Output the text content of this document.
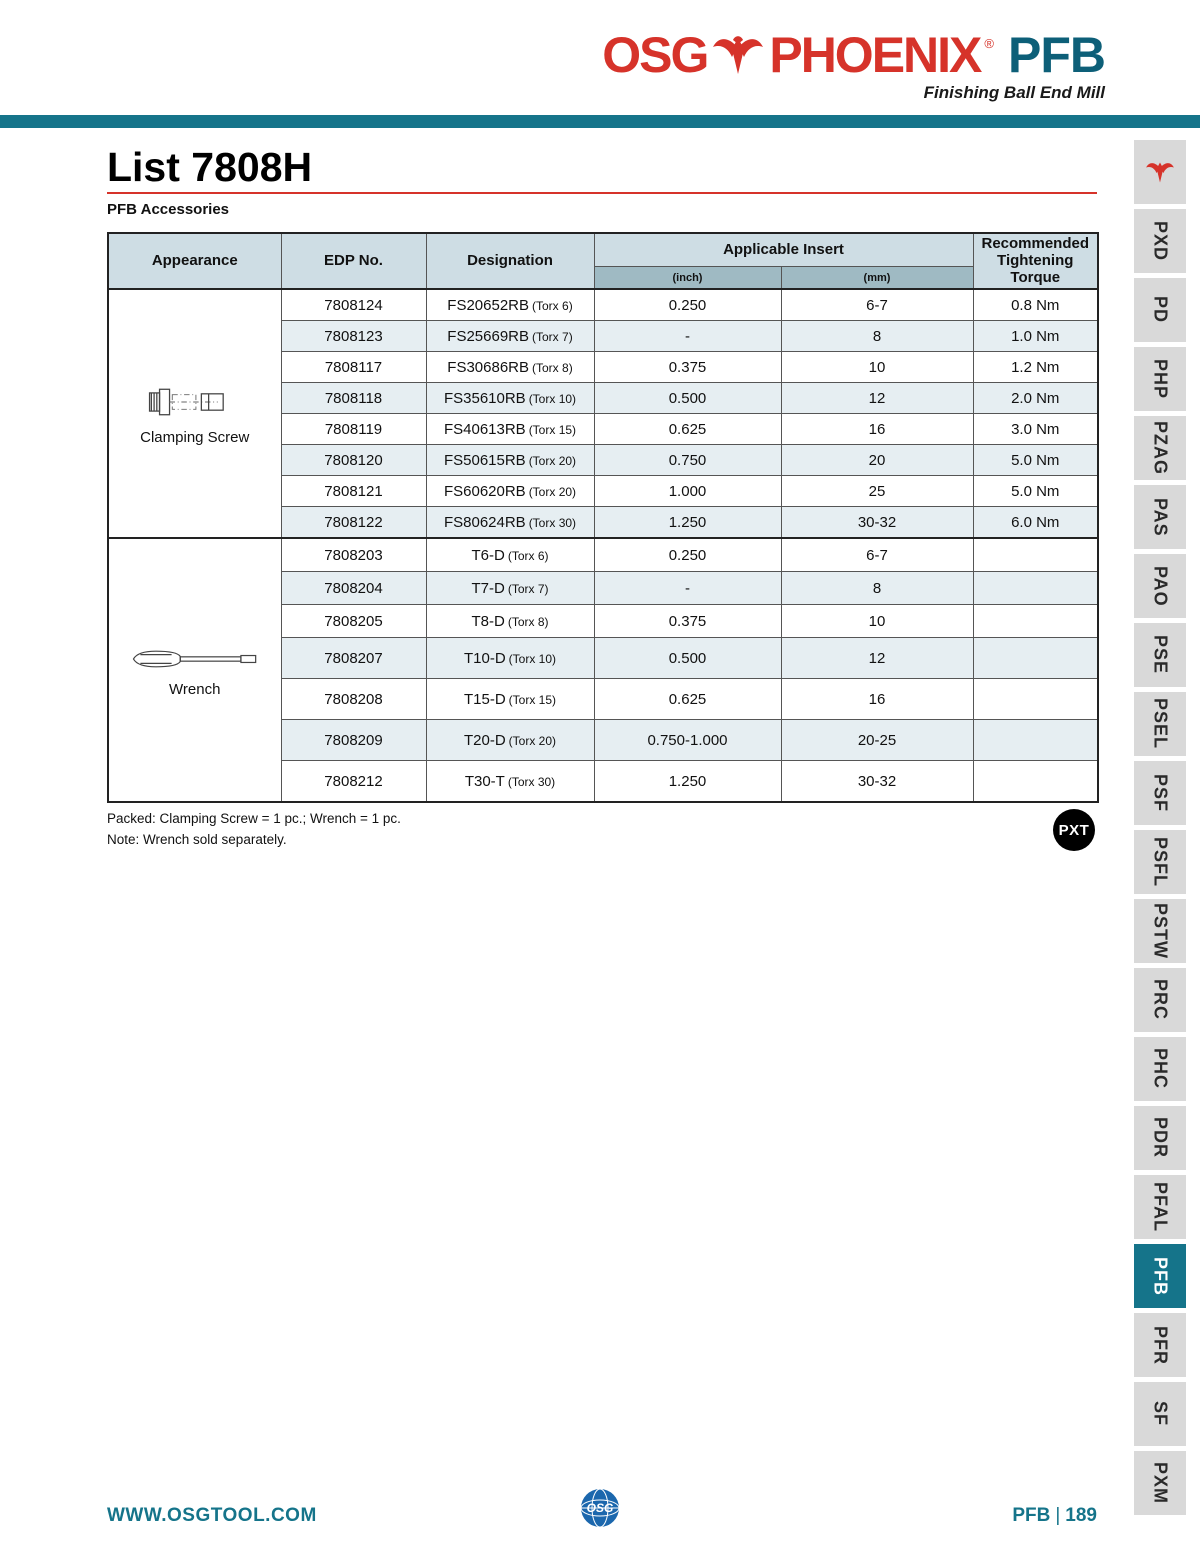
OSG PHOENIX ® PFB
Finishing Ball End Mill
List 7808H
PFB Accessories
Appearance	EDP No.	Designation	Applicable Insert		Recommended Tightening Torque
			(inch)	(mm)	

Clamping Screw	7808124	FS20652RB (Torx 6)	0.250	6-7	0.8 Nm
	7808123	FS25669RB (Torx 7)	-	8	1.0 Nm
	7808117	FS30686RB (Torx 8)	0.375	10	1.2 Nm
	7808118	FS35610RB (Torx 10)	0.500	12	2.0 Nm
	7808119	FS40613RB (Torx 15)	0.625	16	3.0 Nm
	7808120	FS50615RB (Torx 20)	0.750	20	5.0 Nm
	7808121	FS60620RB (Torx 20)	1.000	25	5.0 Nm
	7808122	FS80624RB (Torx 30)	1.250	30-32	6.0 Nm

Wrench	7808203	T6-D (Torx 6)	0.250	6-7	
	7808204	T7-D (Torx 7)	-	8	
	7808205	T8-D (Torx 8)	0.375	10	
	7808207	T10-D (Torx 10)	0.500	12	
	7808208	T15-D (Torx 15)	0.625	16	
	7808209	T20-D (Torx 20)	0.750-1.000	20-25	
	7808212	T30-T (Torx 30)	1.250	30-32	
Packed: Clamping Screw = 1 pc.; Wrench = 1 pc.
Note: Wrench sold separately.
PXT
PXD
PD
PHP
PZAG
PAS
PAO
PSE
PSEL
PSF
PSFL
PSTW
PRC
PHC
PDR
PFAL
PFB
PFR
SF
PXM
WWW.OSGTOOL.COM	OSG	PFB | 189
